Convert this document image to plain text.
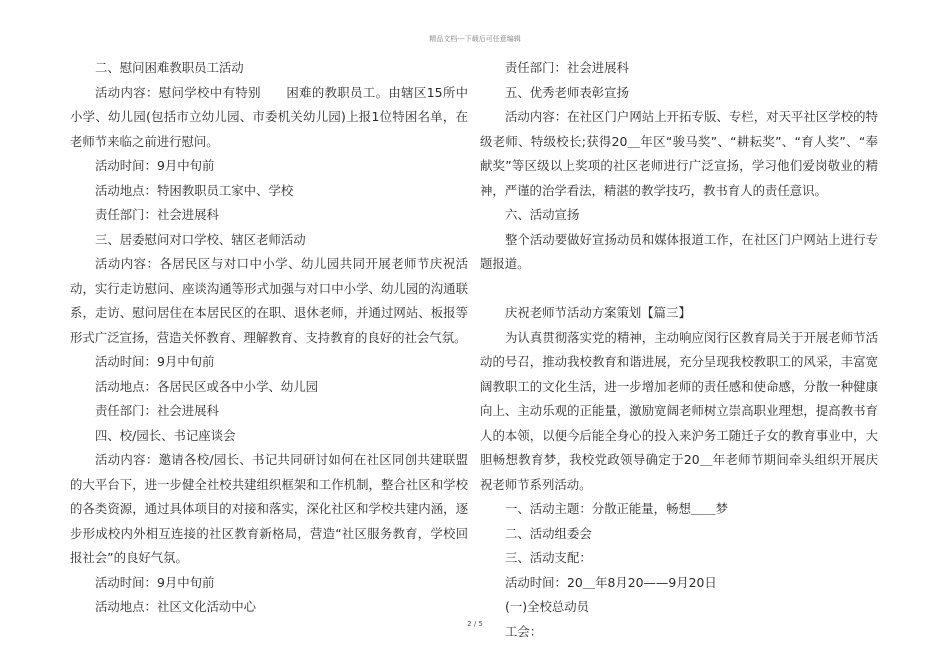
精品文档---下载后可任意编辑

二、慰问困难教职员工活动

活动内容：慰问学校中有特别　　困难的教职员工。由辖区15所中小学、幼儿园(包括市立幼儿园、市委机关幼儿园)上报1位特困名单，在老师节来临之前进行慰问。

活动时间：9月中旬前

活动地点：特困教职员工家中、学校

责任部门：社会进展科

三、居委慰问对口学校、辖区老师活动

活动内容：各居民区与对口中小学、幼儿园共同开展老师节庆祝活动，实行走访慰问、座谈沟通等形式加强与对口中小学、幼儿园的沟通联系，走访、慰问居住在本居民区的在职、退休老师，并通过网站、板报等形式广泛宣扬，营造关怀教育、理解教育、支持教育的良好的社会气氛。

活动时间：9月中旬前

活动地点：各居民区或各中小学、幼儿园

责任部门：社会进展科

四、校/园长、书记座谈会

活动内容：邀请各校/园长、书记共同研讨如何在社区同创共建联盟的大平台下，进一步健全社校共建组织框架和工作机制，整合社区和学校的各类资源，通过具体项目的对接和落实，深化社区和学校共建内涵，逐步形成校内外相互连接的社区教育新格局，营造“社区服务教育，学校回报社会”的良好气氛。

活动时间：9月中旬前

活动地点：社区文化活动中心

责任部门：社会进展科

五、优秀老师表彰宣扬

活动内容：在社区门户网站上开拓专版、专栏，对天平社区学校的特级老师、特级校长;获得20＿年区“骏马奖”、“耕耘奖”、“育人奖”、“奉献奖”等区级以上奖项的社区老师进行广泛宣扬，学习他们爱岗敬业的精神，严谨的治学看法，精湛的教学技巧，教书育人的责任意识。

六、活动宣扬

整个活动要做好宣扬动员和媒体报道工作，在社区门户网站上进行专题报道。

庆祝老师节活动方案策划【篇三】

为认真贯彻落实党的精神，主动响应闵行区教育局关于开展老师节活动的号召，推动我校教育和谐进展，充分呈现我校教职工的风采，丰富宽阔教职工的文化生活，进一步增加老师的责任感和使命感，分散一种健康向上、主动乐观的正能量，激励宽阔老师树立崇高职业理想，提高教书育人的本领，以便今后能全身心的投入来沪务工随迁子女的教育事业中，大胆畅想教育梦，我校党政领导确定于20＿年老师节期间牵头组织开展庆祝老师节系列活动。

一、活动主题：分散正能量，畅想＿＿梦

二、活动组委会

三、活动支配：

活动时间：20＿年8月20——9月20日

(一)全校总动员

工会：

2 / 5
